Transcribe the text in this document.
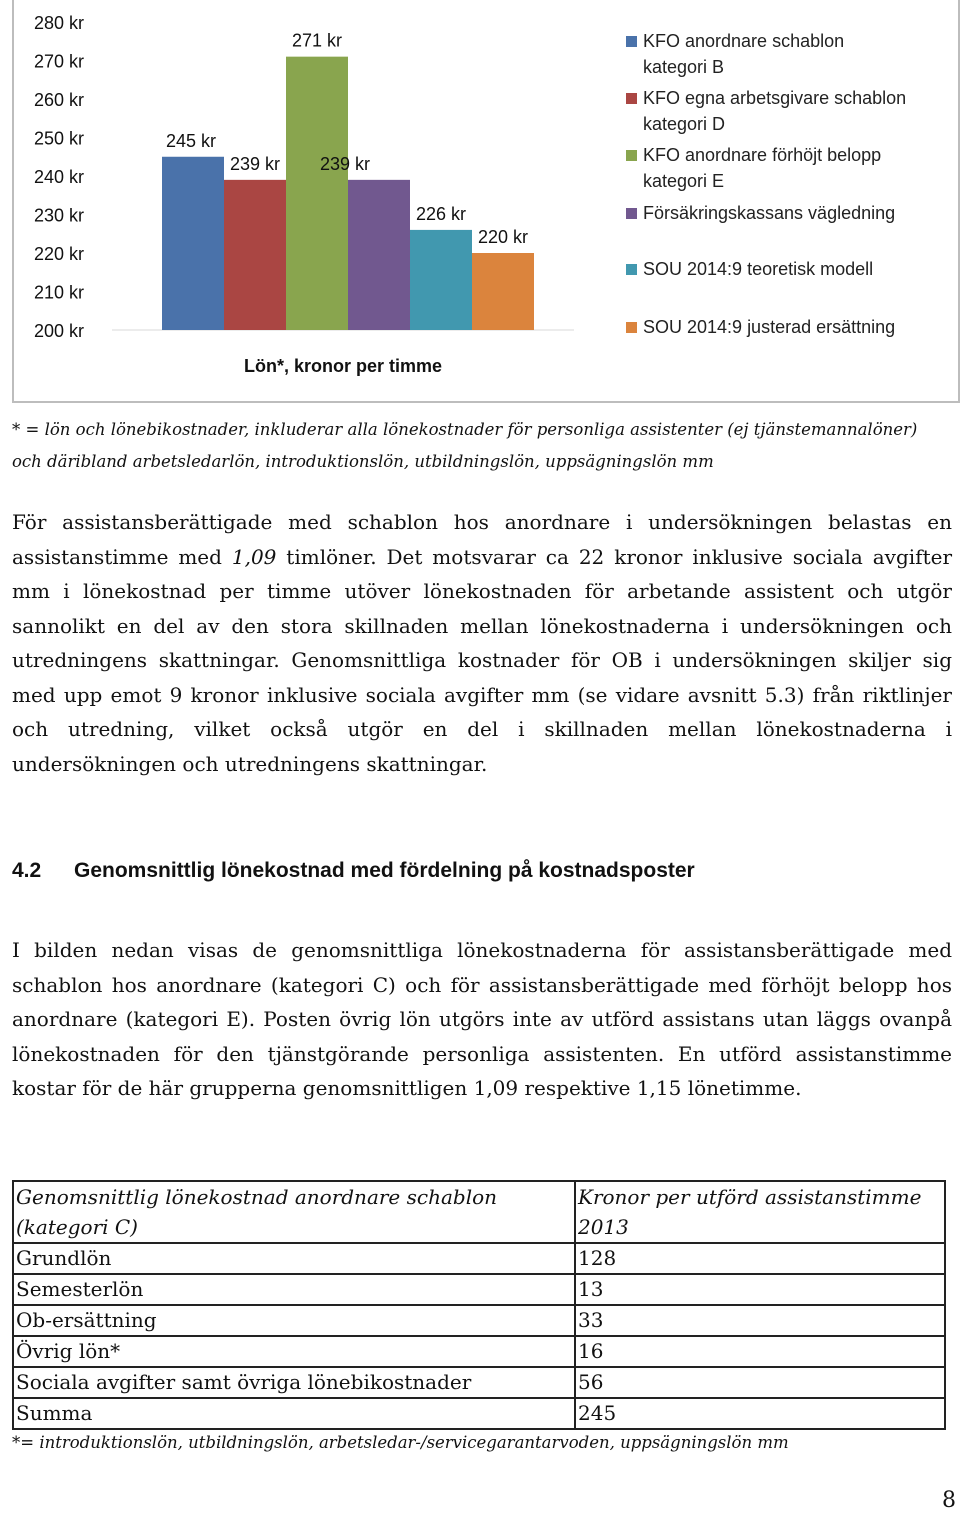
280 kr
270 kr
260 kr
250 kr
240 kr
230 kr
220 kr
210 kr
200 kr
245 kr
239 kr
271 kr
239 kr
226 kr
220 kr
Lön*, kronor per timme
KFO anordnare schablon kategori B
KFO egna arbetsgivare schablon kategori D
KFO anordnare förhöjt belopp kategori E
Försäkringskassans vägledning
SOU 2014:9 teoretisk modell
SOU 2014:9 justerad ersättning
* = lön och lönebikostnader, inkluderar alla lönekostnader för personliga assistenter (ej tjänstemannalöner) och däribland arbetsledarlön, introduktionslön, utbildningslön, uppsägningslön mm
För assistansberättigade med schablon hos anordnare i undersökningen belastas en assistanstimme med 1,09 timlöner. Det motsvarar ca 22 kronor inklusive sociala avgifter mm i lönekostnad per timme utöver lönekostnaden för arbetande assistent och utgör sannolikt en del av den stora skillnaden mellan lönekostnaderna i undersökningen och utredningens skattningar. Genomsnittliga kostnader för OB i undersökningen skiljer sig med upp emot 9 kronor inklusive sociala avgifter mm (se vidare avsnitt 5.3) från riktlinjer och utredning, vilket också utgör en del i skillnaden mellan lönekostnaderna i undersökningen och utredningens skattningar.
4.2 Genomsnittlig lönekostnad med fördelning på kostnadsposter
I bilden nedan visas de genomsnittliga lönekostnaderna för assistansberättigade med schablon hos anordnare (kategori C) och för assistansberättigade med förhöjt belopp hos anordnare (kategori E). Posten övrig lön utgörs inte av utförd assistans utan läggs ovanpå lönekostnaden för den tjänstgörande personliga assistenten. En utförd assistanstimme kostar för de här grupperna genomsnittligen 1,09 respektive 1,15 lönetimme.
Genomsnittlig lönekostnad anordnare schablon (kategori C)	Kronor per utförd assistanstimme 2013
Grundlön	128
Semesterlön	13
Ob-ersättning	33
Övrig lön*	16
Sociala avgifter samt övriga lönebikostnader	56
Summa	245
*= introduktionslön, utbildningslön, arbetsledar-/servicegarantarvoden, uppsägningslön mm
8
